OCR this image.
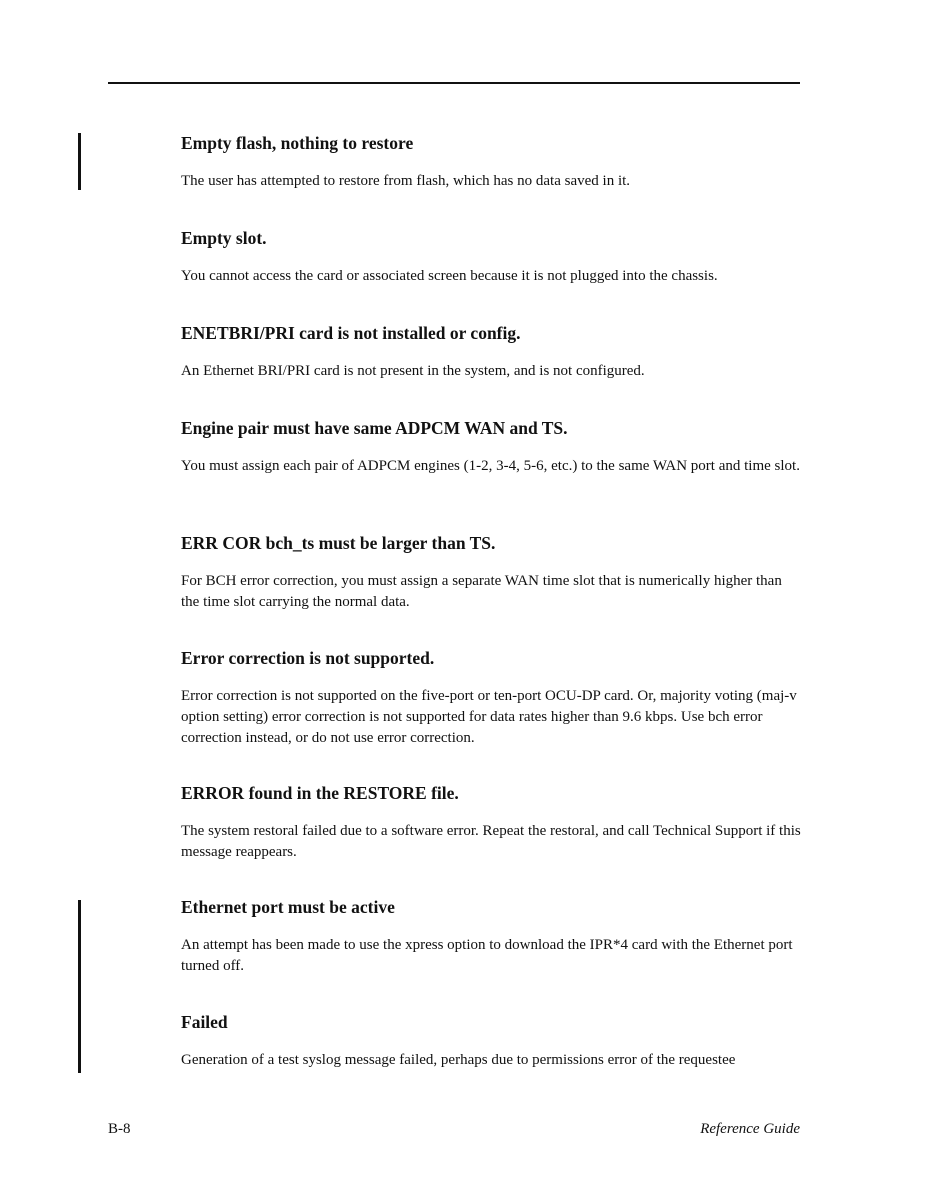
Empty flash, nothing to restore

The user has attempted to restore from flash, which has no data saved in it.

Empty slot.

You cannot access the card or associated screen because it is not plugged into the chassis.

ENETBRI/PRI card is not installed or config.

An Ethernet BRI/PRI card is not present in the system, and is not configured.

Engine pair must have same ADPCM WAN and TS.

You must assign each pair of ADPCM engines (1-2, 3-4, 5-6, etc.) to the same WAN port and time slot.

ERR COR bch_ts must be larger than TS.

For BCH error correction, you must assign a separate WAN time slot that is numerically higher than the time slot carrying the normal data.

Error correction is not supported.

Error correction is not supported on the five-port or ten-port OCU-DP card. Or, majority voting (maj-v option setting) error correction is not supported for data rates higher than 9.6 kbps. Use bch error correction instead, or do not use error correction.

ERROR found in the RESTORE file.

The system restoral failed due to a software error. Repeat the restoral, and call Technical Support if this message reappears.

Ethernet port must be active

An attempt has been made to use the xpress option to download the IPR*4 card with the Ethernet port turned off.

Failed

Generation of a test syslog message failed, perhaps due to permissions error of the requestee

B-8	Reference Guide
